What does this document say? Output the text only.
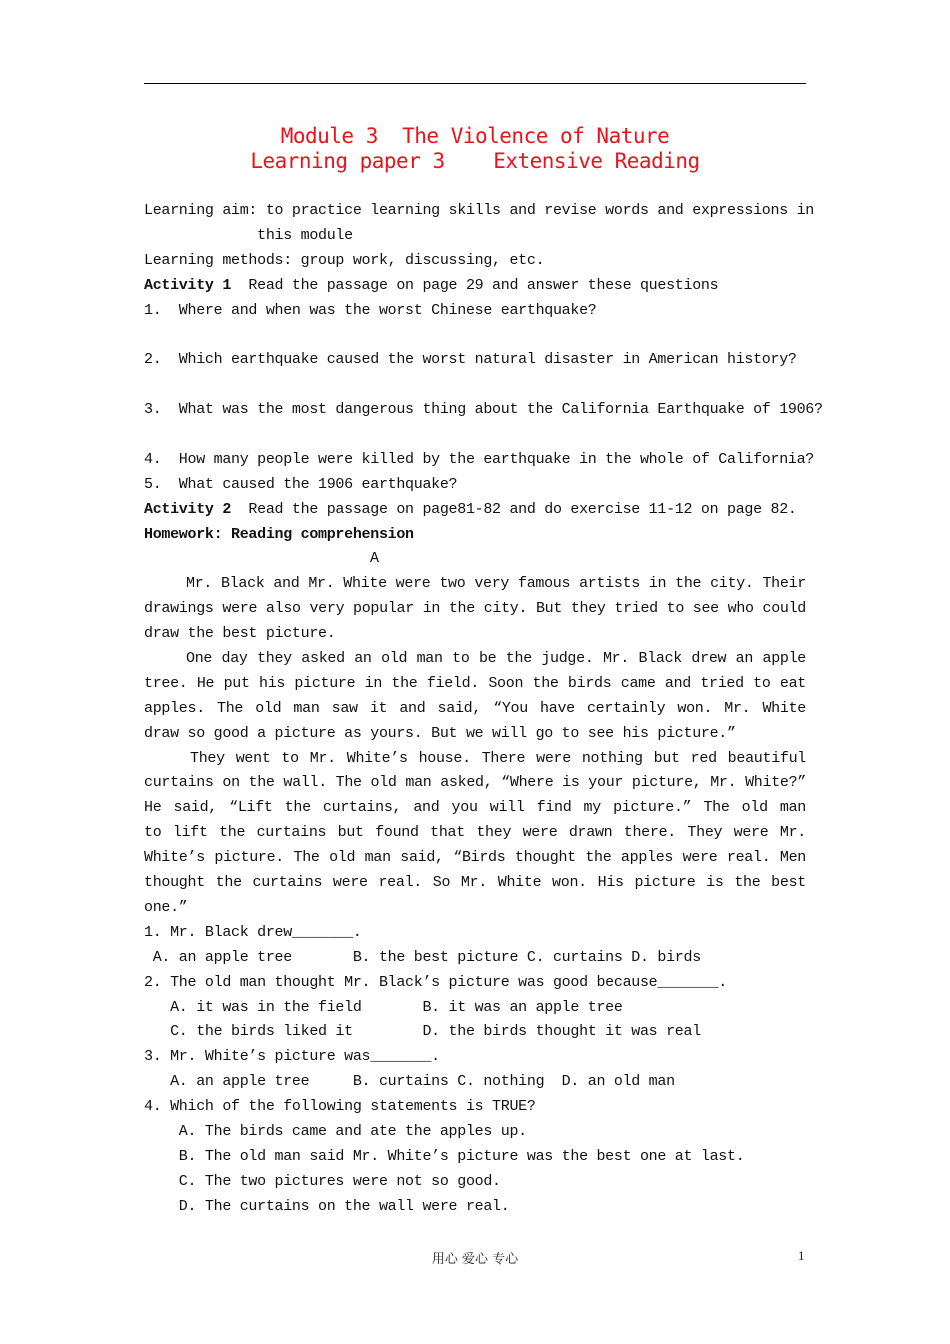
Module 3  The Violence of Nature
Learning paper 3    Extensive Reading
Learning aim: to practice learning skills and revise words and expressions in
this module
Learning methods: group work, discussing, etc.
Activity 1  Read the passage on page 29 and answer these questions
1.  Where and when was the worst Chinese earthquake?
2.  Which earthquake caused the worst natural disaster in American history?
3.  What was the most dangerous thing about the California Earthquake of 1906?
4.  How many people were killed by the earthquake in the whole of California?
5.  What caused the 1906 earthquake?
Activity 2  Read the passage on page81-82 and do exercise 11-12 on page 82.
Homework: Reading comprehension
A
Mr. Black and Mr. White were two very famous artists in the city. Their
drawings were also very popular in the city. But they tried to see who could
draw the best picture.
One day they asked an old man to be the judge. Mr. Black drew an apple
tree. He put his picture in the field. Soon the birds came and tried to eat
apples. The old man saw it and said, “You have certainly won. Mr. White
draw so good a picture as yours. But we will go to see his picture.”
They went to Mr. White’s house. There were nothing but red beautiful
curtains on the wall. The old man asked, “Where is your picture, Mr. White?”
He said, “Lift the curtains, and you will find my picture.” The old man
to lift the curtains but found that they were drawn there. They were Mr.
White’s picture. The old man said, “Birds thought the apples were real. Men
thought the curtains were real. So Mr. White won. His picture is the best
one.”
1. Mr. Black drew_______.
A. an apple tree       B. the best picture C. curtains D. birds
2. The old man thought Mr. Black’s picture was good because_______.
A. it was in the field       B. it was an apple tree
C. the birds liked it        D. the birds thought it was real
3. Mr. White’s picture was_______.
A. an apple tree     B. curtains C. nothing  D. an old man
4. Which of the following statements is TRUE?
A. The birds came and ate the apples up.
B. The old man said Mr. White’s picture was the best one at last.
C. The two pictures were not so good.
D. The curtains on the wall were real.
用心 爱心 专心	1
